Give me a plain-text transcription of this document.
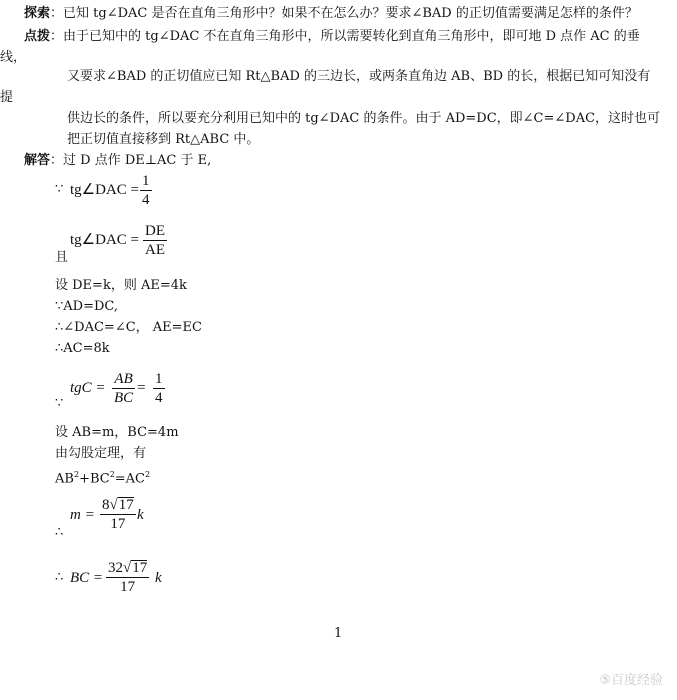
探索：已知 tg∠DAC 是否在直角三角形中？如果不在怎么办？要求∠BAD 的正切值需要满足怎样的条件？
点拨：由于已知中的 tg∠DAC 不在直角三角形中，所以需要转化到直角三角形中，即可地 D 点作 AC 的垂
线，
又要求∠BAD 的正切值应已知 Rt△BAD 的三边长，或两条直角边 AB、BD 的长，根据已知可知没有
提
供边长的条件，所以要充分利用已知中的 tg∠DAC 的条件。由于 AD=DC，即∠C=∠DAC，这时也可
把正切值直接移到 Rt△ABC 中。
解答：过 D 点作 DE⊥AC 于 E,
∵ tg∠DAC = $\frac{1}{4}$
tg∠DAC = $\frac{DE}{AE}$
且
设 DE=k，则 AE=4k
∵AD=DC,
∴∠DAC=∠C， AE=EC
∴AC=8k
tgC = $\frac{AB}{BC} = \frac{1}{4}$
∵
设 AB=m，BC=4m
由勾股定理，有
$AB^2+BC^2=AC^2$
$m = \frac{8√17}{17}$ k
∴
∴ BC = $\frac{32√17}{17}$ k
1
⑤百度经验
